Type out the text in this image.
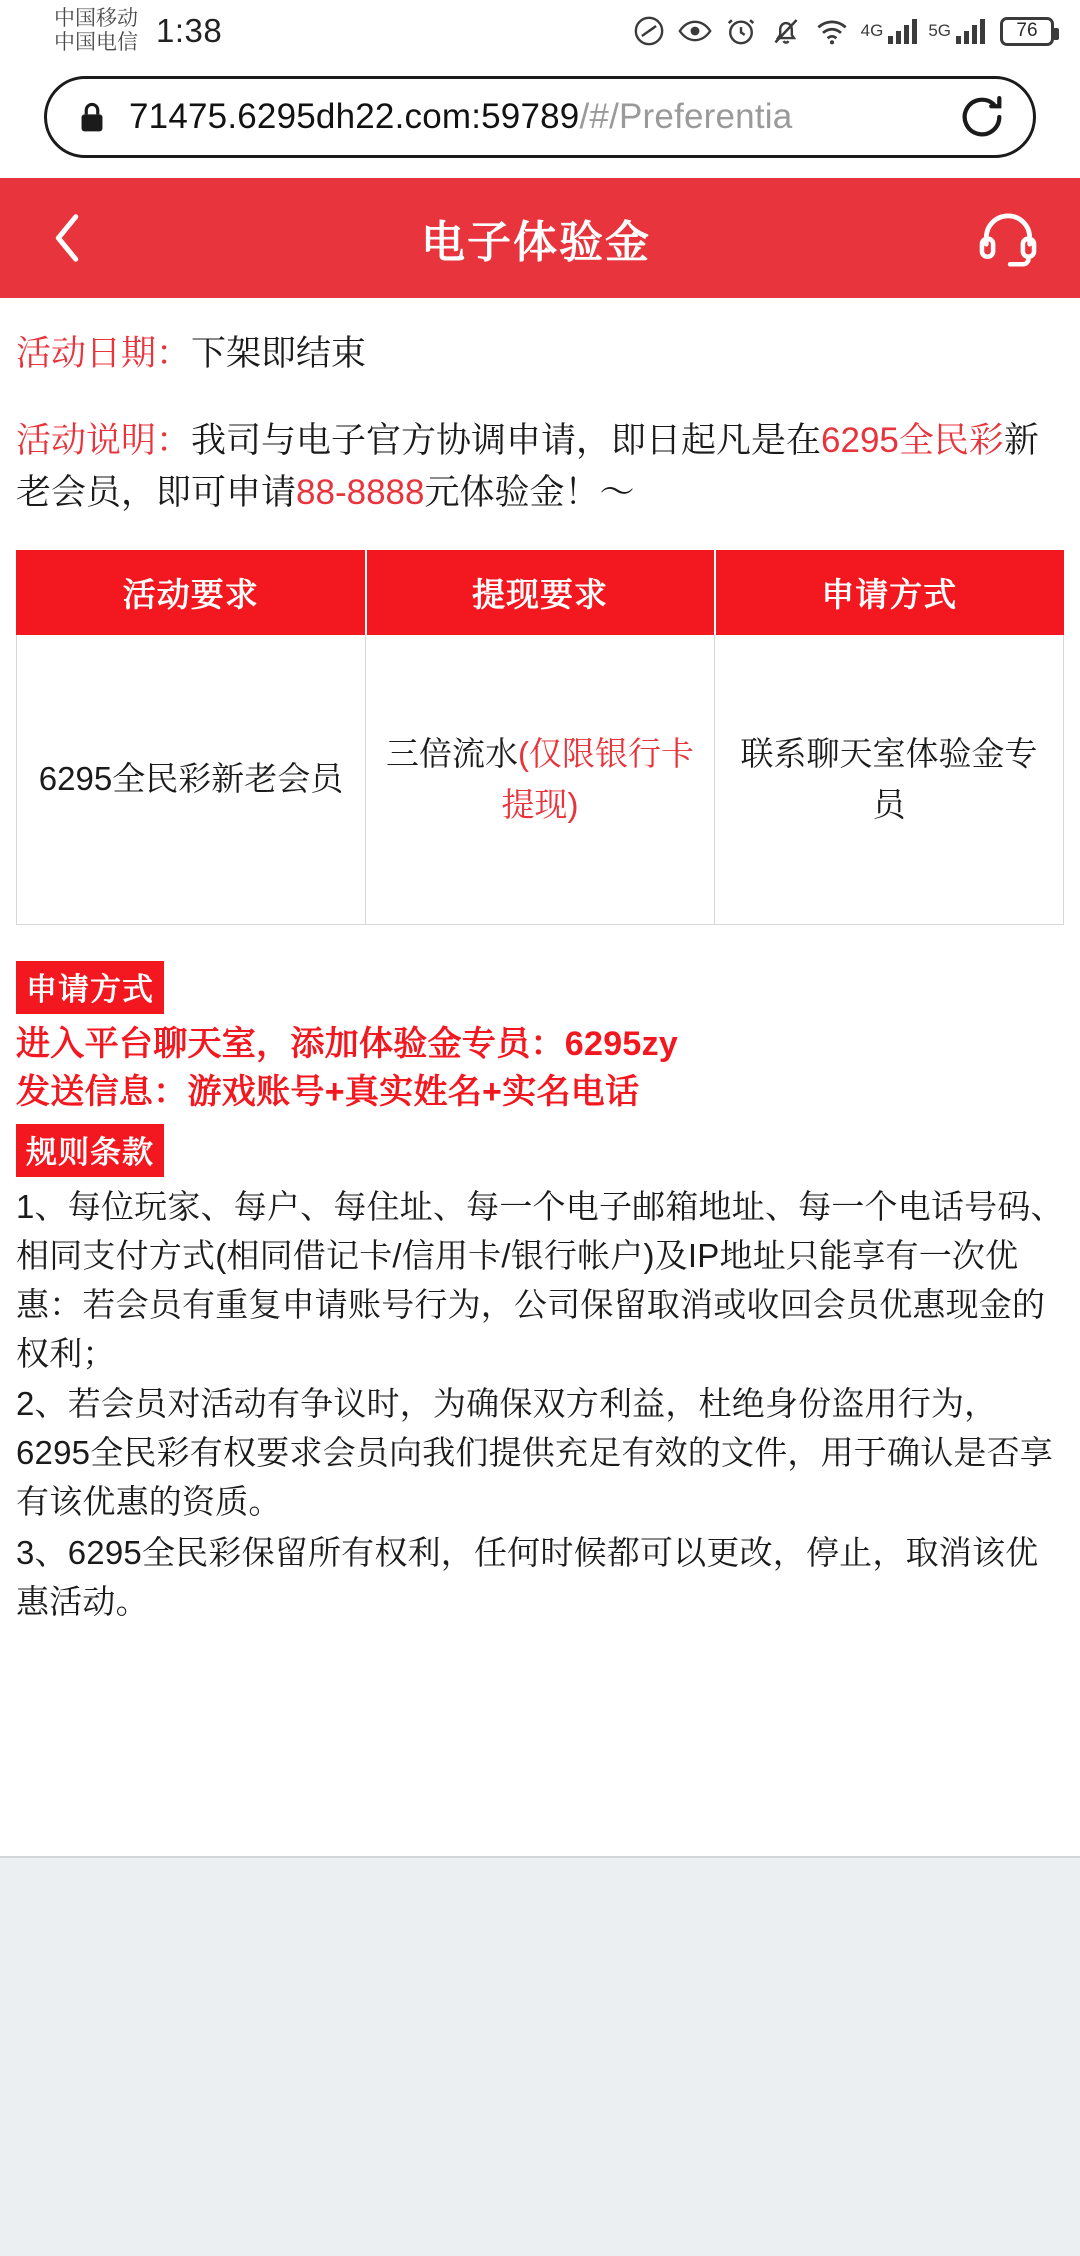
中国移动
中国电信 1:38	4G	5G	76
71475.6295dh22.com:59789/#/Preferentia
电子体验金
活动日期：下架即结束
活动说明：我司与电子官方协调申请，即日起凡是在6295全民彩新老会员，即可申请88-8888元体验金！～
活动要求	提现要求	申请方式
6295全民彩新老会员	三倍流水(仅限银行卡提现)	联系聊天室体验金专员
申请方式
进入平台聊天室，添加体验金专员：6295zy
发送信息：游戏账号+真实姓名+实名电话
规则条款

1、每位玩家、每户、每住址、每一个电子邮箱地址、每一个电话号码、相同支付方式(相同借记卡/信用卡/银行帐户)及IP地址只能享有一次优惠：若会员有重复申请账号行为，公司保留取消或收回会员优惠现金的权利；

2、若会员对活动有争议时，为确保双方利益，杜绝身份盗用行为，6295全民彩有权要求会员向我们提供充足有效的文件，用于确认是否享有该优惠的资质。

3、6295全民彩保留所有权利，任何时候都可以更改，停止，取消该优惠活动。
